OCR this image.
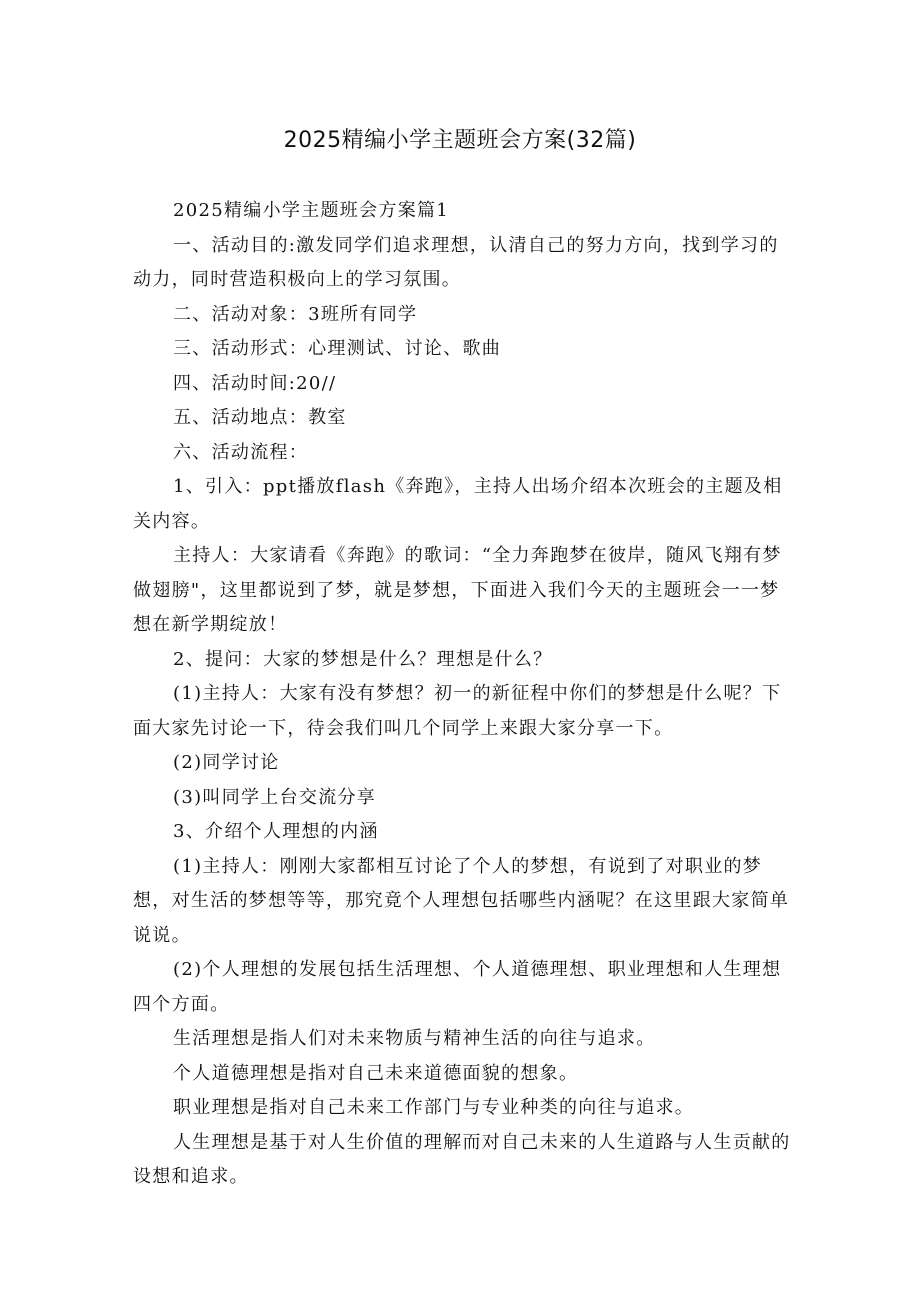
2025精编小学主题班会方案(32篇)

2025精编小学主题班会方案篇1

一、活动目的:激发同学们追求理想，认清自己的努力方向，找到学习的动力，同时营造积极向上的学习氛围。

二、活动对象：3班所有同学

三、活动形式：心理测试、讨论、歌曲

四、活动时间:20//

五、活动地点：教室

六、活动流程：

1、引入：ppt播放flash《奔跑》，主持人出场介绍本次班会的主题及相关内容。

主持人：大家请看《奔跑》的歌词：“全力奔跑梦在彼岸，随风飞翔有梦做翅膀"，这里都说到了梦，就是梦想，下面进入我们今天的主题班会一一梦想在新学期绽放！

2、提问：大家的梦想是什么？理想是什么？

(1)主持人：大家有没有梦想？初一的新征程中你们的梦想是什么呢？下面大家先讨论一下，待会我们叫几个同学上来跟大家分享一下。

(2)同学讨论

(3)叫同学上台交流分享

3、介绍个人理想的内涵

(1)主持人：刚刚大家都相互讨论了个人的梦想，有说到了对职业的梦想，对生活的梦想等等，那究竟个人理想包括哪些内涵呢？在这里跟大家简单说说。

(2)个人理想的发展包括生活理想、个人道德理想、职业理想和人生理想四个方面。

生活理想是指人们对未来物质与精神生活的向往与追求。

个人道德理想是指对自己未来道德面貌的想象。

职业理想是指对自己未来工作部门与专业种类的向往与追求。

人生理想是基于对人生价值的理解而对自己未来的人生道路与人生贡献的设想和追求。
